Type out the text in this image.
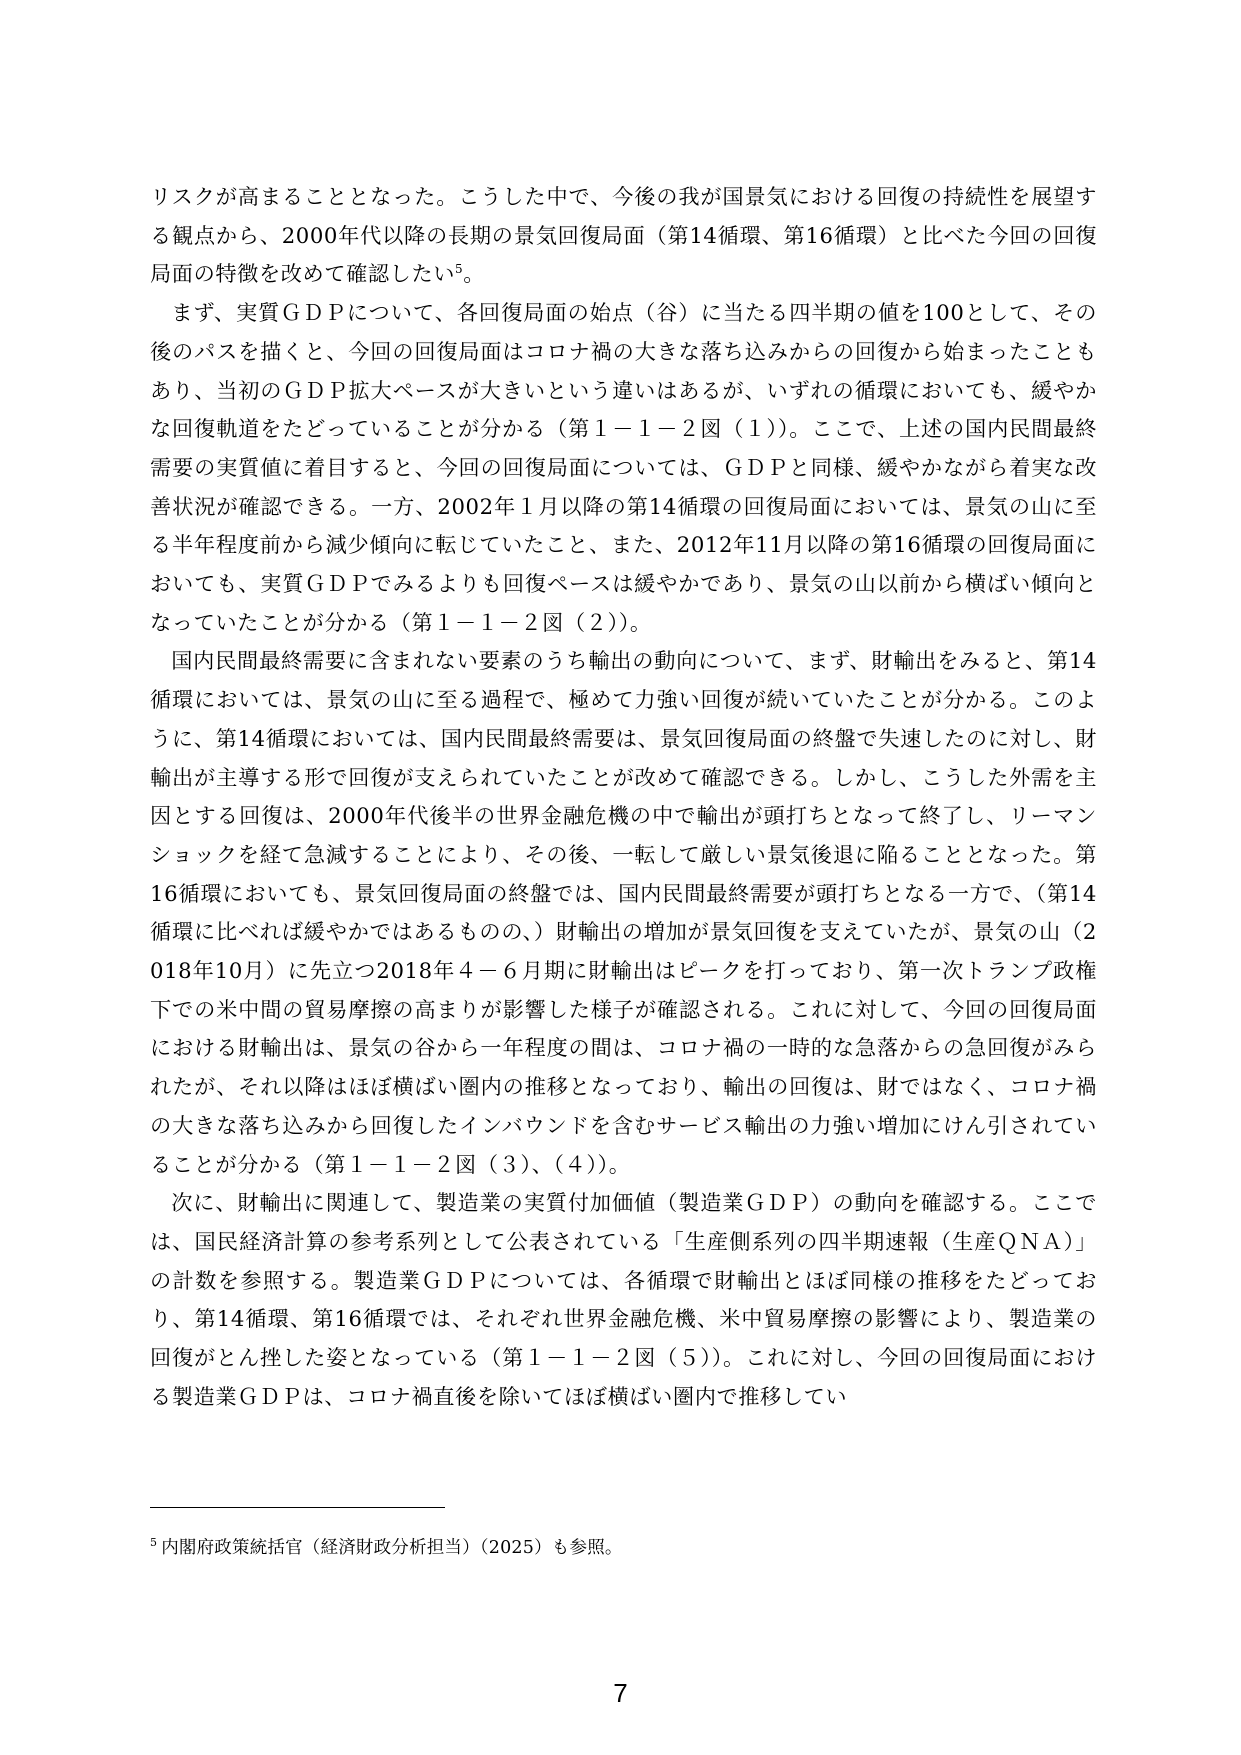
リスクが高まることとなった。こうした中で、今後の我が国景気における回復の持続性を展望する観点から、2000年代以降の長期の景気回復局面（第14循環、第16循環）と比べた今回の回復局面の特徴を改めて確認したい$^5$。

まず、実質ＧＤＰについて、各回復局面の始点（谷）に当たる四半期の値を100として、その後のパスを描くと、今回の回復局面はコロナ禍の大きな落ち込みからの回復から始まったこともあり、当初のＧＤＰ拡大ペースが大きいという違いはあるが、いずれの循環においても、緩やかな回復軌道をたどっていることが分かる（第１－１－２図（１））。ここで、上述の国内民間最終需要の実質値に着目すると、今回の回復局面については、ＧＤＰと同様、緩やかながら着実な改善状況が確認できる。一方、2002年１月以降の第14循環の回復局面においては、景気の山に至る半年程度前から減少傾向に転じていたこと、また、2012年11月以降の第16循環の回復局面においても、実質ＧＤＰでみるよりも回復ペースは緩やかであり、景気の山以前から横ばい傾向となっていたことが分かる（第１－１－２図（２））。

国内民間最終需要に含まれない要素のうち輸出の動向について、まず、財輸出をみると、第14循環においては、景気の山に至る過程で、極めて力強い回復が続いていたことが分かる。このように、第14循環においては、国内民間最終需要は、景気回復局面の終盤で失速したのに対し、財輸出が主導する形で回復が支えられていたことが改めて確認できる。しかし、こうした外需を主因とする回復は、2000年代後半の世界金融危機の中で輸出が頭打ちとなって終了し、リーマンショックを経て急減することにより、その後、一転して厳しい景気後退に陥ることとなった。第16循環においても、景気回復局面の終盤では、国内民間最終需要が頭打ちとなる一方で、（第14循環に比べれば緩やかではあるものの、）財輸出の増加が景気回復を支えていたが、景気の山（2018年10月）に先立つ2018年４－６月期に財輸出はピークを打っており、第一次トランプ政権下での米中間の貿易摩擦の高まりが影響した様子が確認される。これに対して、今回の回復局面における財輸出は、景気の谷から一年程度の間は、コロナ禍の一時的な急落からの急回復がみられたが、それ以降はほぼ横ばい圏内の推移となっており、輸出の回復は、財ではなく、コロナ禍の大きな落ち込みから回復したインバウンドを含むサービス輸出の力強い増加にけん引されていることが分かる（第１－１－２図（３）、（４））。

次に、財輸出に関連して、製造業の実質付加価値（製造業ＧＤＰ）の動向を確認する。ここでは、国民経済計算の参考系列として公表されている「生産側系列の四半期速報（生産ＱＮＡ）」の計数を参照する。製造業ＧＤＰについては、各循環で財輸出とほぼ同様の推移をたどっており、第14循環、第16循環では、それぞれ世界金融危機、米中貿易摩擦の影響により、製造業の回復がとん挫した姿となっている（第１－１－２図（５））。これに対し、今回の回復局面における製造業ＧＤＰは、コロナ禍直後を除いてほぼ横ばい圏内で推移してい

$^5$ 内閣府政策統括官（経済財政分析担当）（2025）も参照。
7
